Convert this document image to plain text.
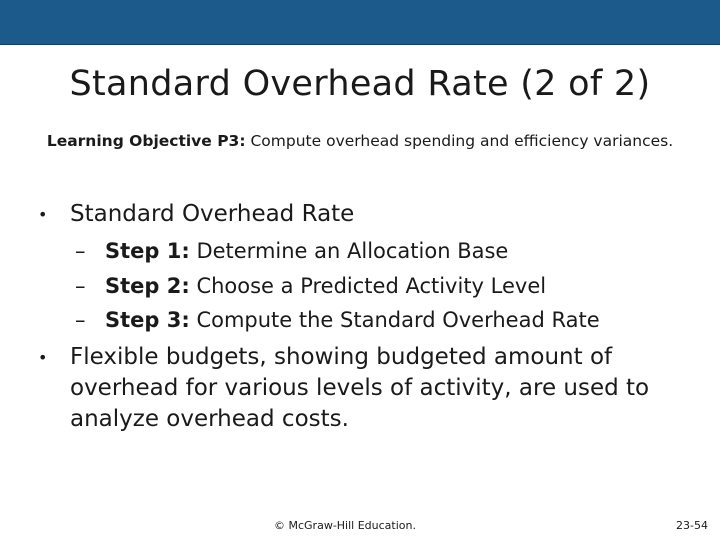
Standard Overhead Rate (2 of 2)
Learning Objective P3: Compute overhead spending and efficiency variances.
• Standard Overhead Rate
– Step 1: Determine an Allocation Base
– Step 2: Choose a Predicted Activity Level
– Step 3: Compute the Standard Overhead Rate
• Flexible budgets, showing budgeted amount of overhead for various levels of activity, are used to analyze overhead costs.
© McGraw-Hill Education.	23-54
